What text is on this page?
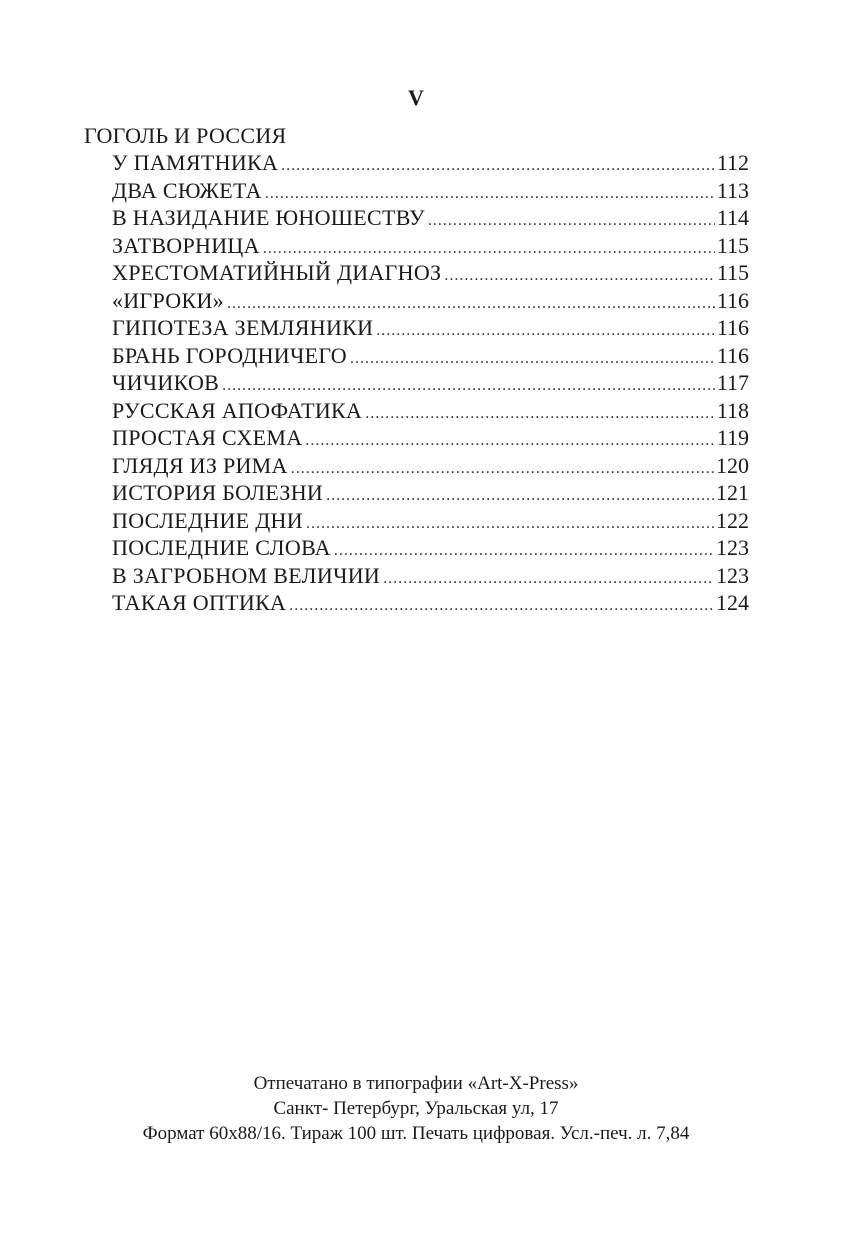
V
ГОГОЛЬ И РОССИЯ
У ПАМЯТНИКА .....	112
ДВА СЮЖЕТА .....	113
В НАЗИДАНИЕ ЮНОШЕСТВУ .....	114
ЗАТВОРНИЦА .....	115
ХРЕСТОМАТИЙНЫЙ ДИАГНОЗ .....	115
«ИГРОКИ» .....	116
ГИПОТЕЗА ЗЕМЛЯНИКИ .....	116
БРАНЬ ГОРОДНИЧЕГО .....	116
ЧИЧИКОВ .....	117
РУССКАЯ АПОФАТИКА .....	118
ПРОСТАЯ СХЕМА .....	119
ГЛЯДЯ ИЗ РИМА .....	120
ИСТОРИЯ БОЛЕЗНИ .....	121
ПОСЛЕДНИЕ ДНИ .....	122
ПОСЛЕДНИЕ СЛОВА .....	123
В ЗАГРОБНОМ ВЕЛИЧИИ .....	123
ТАКАЯ ОПТИКА .....	124
Отпечатано в типографии «Art-X-Press»
Санкт- Петербург, Уральская ул, 17
Формат 60х88/16. Тираж 100 шт. Печать цифровая. Усл.-печ. л. 7,84
